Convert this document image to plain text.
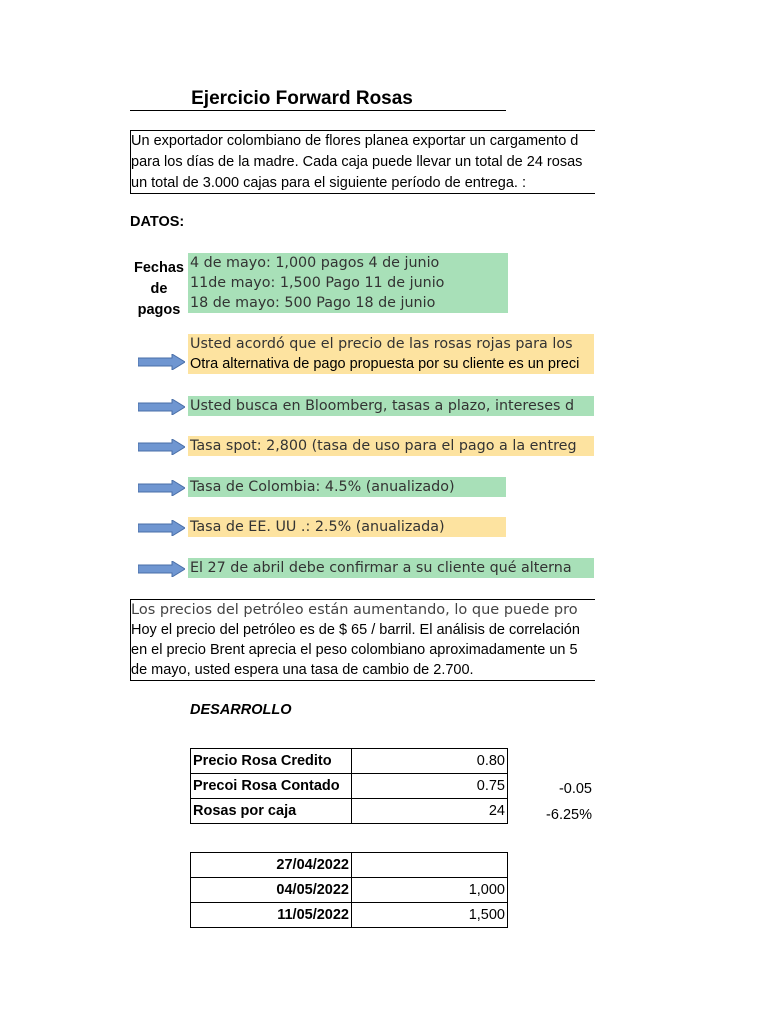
Ejercicio Forward Rosas
Un exportador colombiano de flores planea exportar un cargamento d
para los días de la madre. Cada caja puede llevar un total de 24 rosas
un total de 3.000 cajas para el siguiente período de entrega. :
DATOS:
Fechas
de
pagos
4 de mayo: 1,000 pagos 4 de junio
11de mayo: 1,500 Pago 11 de junio
18 de mayo: 500 Pago 18 de junio
Usted acordó que el precio de las rosas rojas para los
Otra alternativa de pago propuesta por su cliente es un preci
Usted busca en Bloomberg, tasas a plazo, intereses d
Tasa spot: 2,800 (tasa de uso para el pago a la entreg
Tasa de Colombia: 4.5% (anualizado)
Tasa de EE. UU .: 2.5% (anualizada)
El 27 de abril debe confirmar a su cliente qué alterna
Los precios del petróleo están aumentando, lo que puede pro
Hoy el precio del petróleo es de $ 65 / barril. El análisis de correlación
en el precio Brent aprecia el peso colombiano aproximadamente un 5
de mayo, usted espera una tasa de cambio de 2.700.
DESARROLLO
Precio Rosa Credito	0.80
Precoi Rosa Contado	0.75
Rosas por caja	24
-0.05
-6.25%
27/04/2022	
04/05/2022	1,000
11/05/2022	1,500
